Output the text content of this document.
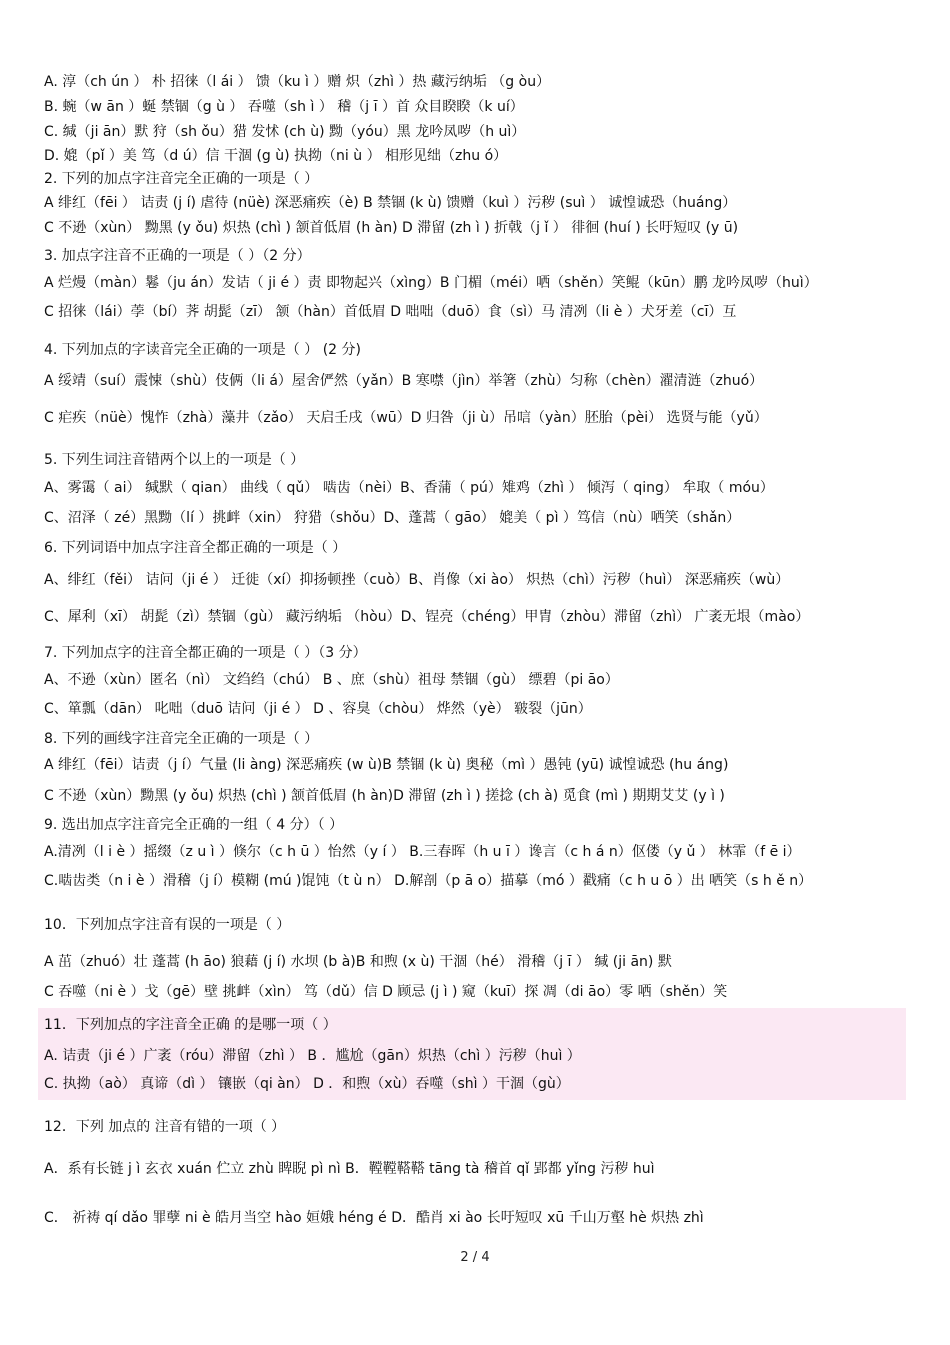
A. 淳（ch ún ） 朴 招徕（l ái ） 馈（ku ì ）赠 炽（zhì ）热 藏污纳垢 （g òu）
B. 蜿（w ān ）蜒 禁锢（g ù ） 吞噬（sh ì ） 稽（j ī ）首 众目睽睽（k uí）
C. 缄（ji ān）默 狩（sh ǒu）猎 发怵 (ch ù) 黝（yóu）黑 龙吟凤哕（h uì）
D. 媲（pǐ ）美 笃（d ú）信 干涸 (g ù) 执拗（ni ù ） 相形见绌（zhu ó）
2. 下列的加点字注音完全正确的一项是（ ）
A 绯红（fēi ） 诘责 (j í) 虐待 (nüè) 深恶痛疾（è) B 禁锢 (k ù) 馈赠（kuì ）污秽 (suì ） 诚惶诚恐（huáng）
C 不逊（xùn） 黝黑 (y ǒu) 炽热 (chì ) 颔首低眉 (h àn) D 滞留 (zh ì ) 折戟（j ǐ ） 徘徊 (huí ) 长吁短叹 (y ū)
3. 加点字注音不正确的一项是（ ）（2 分）
A 烂熳（màn）鬈（ju án）发诘（ ji é ）责 即物起兴（xìng）B 门楣（méi）哂（shěn）笑鲲（kūn）鹏 龙吟凤哕（huì）
C 招徕（lái）荸（bí）荠 胡髭（zī） 颔（hàn）首低眉 D 咄咄（duō）食（sì）马 清冽（li è ）犬牙差（cī）互
4. 下列加点的字读音完全正确的一项是（ ） (2 分)
A 绥靖（suí）震悚（shù）伎俩（li á）屋舍俨然（yǎn）B 寒噤（jìn）举箸（zhù）匀称（chèn）濯清涟（zhuó）
C 疟疾（nüè）愧怍（zhà）藻井（zǎo） 天启壬戌（wū）D 归咎（ji ù）吊唁（yàn）胚胎（pèi） 选贤与能（yǔ）
5. 下列生词注音错两个以上的一项是（ ）
A、雾霭（ ai） 缄默（ qian） 曲线（ qǔ） 啮齿（nèi）B、香蒲（ pú）雉鸡（zhì ） 倾泻（ qing） 牟取（ móu）
C、沼泽（ zé）黑黝（lí ）挑衅（xin） 狩猎（shǒu）D、蓬蒿（ gāo） 媲美（ pì ）笃信（nù）哂笑（shǎn）
6. 下列词语中加点字注音全都正确的一项是（ ）
A、绯红（fěi） 诘问（ji é ） 迁徙（xí）抑扬顿挫（cuò）B、肖像（xi ào） 炽热（chì）污秽（huì） 深恶痛疾（wù）
C、犀利（xī） 胡髭（zì）禁锢（gù） 藏污纳垢 （hòu）D、锃亮（chéng）甲胄（zhòu）滞留（zhì） 广袤无垠（mào）
7. 下列加点字的注音全都正确的一项是（ ）（3 分）
A、不逊（xùn）匿名（nì） 文绉绉（chú） B 、庶（shù）祖母 禁锢（gù） 缥碧（pi āo）
C、箪瓢（dān） 叱咄（duō 诘问（ji é ） D 、容臭（chòu） 烨然（yè） 皲裂（jūn）
8. 下列的画线字注音完全正确的一项是（ ）
A 绯红（fēi）诘责（j í）气量 (li àng) 深恶痛疾 (w ù)B 禁锢 (k ù) 奥秘（mì ）愚钝 (yū) 诚惶诚恐 (hu áng)
C 不逊（xùn）黝黑 (y ǒu) 炽热 (chì ) 颔首低眉 (h àn)D 滞留 (zh ì ) 搓捻 (ch à) 觅食 (mì ) 期期艾艾 (y ì )
9. 选出加点字注音完全正确的一组（ 4 分）（ ）
A.清冽（l i è ）摇缀（z u ì ）倏尔（c h ū ）怡然（y í ） B.三春晖（h u ī ）谗言（c h á n）伛偻（y ǔ ） 林霏（f ē i）
C.啮齿类（n i è ）滑稽（j í）模糊 (mú )馄饨（t ù n） D.解剖（p ā o）描摹（mó ）戳痛（c h u ō ）出 哂笑（s h ě n）
10．下列加点字注音有误的一项是（ ）
A 茁（zhuó）壮 蓬蒿 (h āo) 狼藉 (j í) 水坝 (b à)B 和煦 (x ù) 干涸（hé） 滑稽（j ī ） 缄 (ji ān) 默
C 吞噬（ni è ）戈（gē）壁 挑衅（xìn） 笃（dǔ）信 D 顾忌 (j ì ) 窥（kuī）探 凋（di āo）零 哂（shěn）笑
11．下列加点的字注音全正确 的是哪一项（ ）
A. 诘责（ji é ）广袤（róu）滞留（zhì ） B ．尴尬（gān）炽热（chì ）污秽（huì ）
C. 执拗（aò） 真谛（dì ） 镶嵌（qi àn） D ．和煦（xù）吞噬（shì ）干涸（gù）
12．下列 加点的 注音有错的一项（ ）
A．系有长链 j ì 玄衣 xuán 伫立 zhù 睥睨 pì nì B．鞺鞺鞳鞳 tāng tà 稽首 qǐ 郢都 yǐng 污秽 huì
C． 祈祷 qí dǎo 罪孽 ni è 皓月当空 hào 姮娥 héng é D．酷肖 xi ào 长吁短叹 xū 千山万壑 hè 炽热 zhì
2 / 4
